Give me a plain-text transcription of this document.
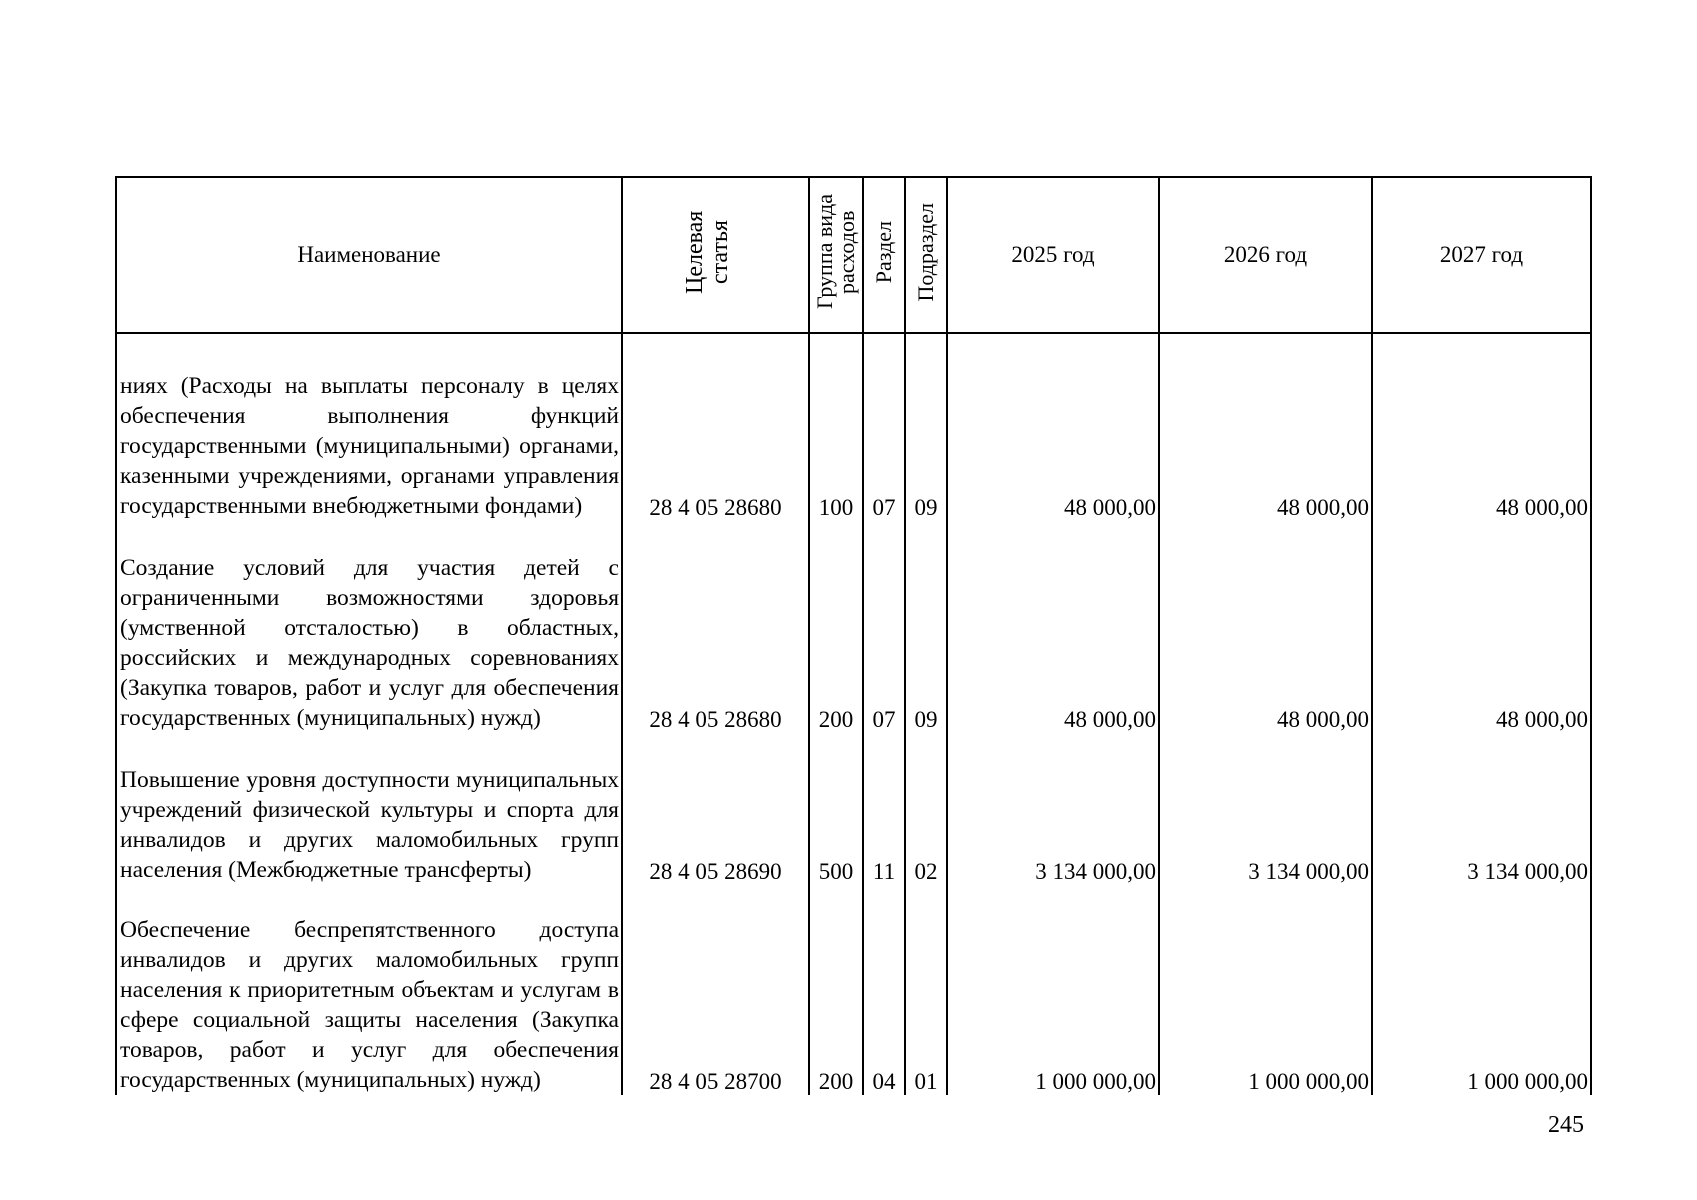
Наименование	Целевая статья	Группа вида расходов	Раздел	Подраздел	2025 год	2026 год	2027 год
ниях (Расходы на выплаты персоналу в целях обеспечения выполнения функций государственными (муниципальными) органами, казенными учреждениями, органами управления государственными внебюджетными фондами)	28 4 05 28680	100	07	09	48 000,00	48 000,00	48 000,00
Создание условий для участия детей с ограниченными возможностями здоровья (умственной отсталостью) в областных, российских и международных соревнованиях (Закупка товаров, работ и услуг для обеспечения государственных (муниципальных) нужд)	28 4 05 28680	200	07	09	48 000,00	48 000,00	48 000,00
Повышение уровня доступности муниципальных учреждений физической культуры и спорта для инвалидов и других маломобильных групп населения (Межбюджетные трансферты)	28 4 05 28690	500	11	02	3 134 000,00	3 134 000,00	3 134 000,00
Обеспечение беспрепятственного доступа инвалидов и других маломобильных групп населения к приоритетным объектам и услугам в сфере социальной защиты населения (Закупка товаров, работ и услуг для обеспечения государственных (муниципальных) нужд)	28 4 05 28700	200	04	01	1 000 000,00	1 000 000,00	1 000 000,00
245
